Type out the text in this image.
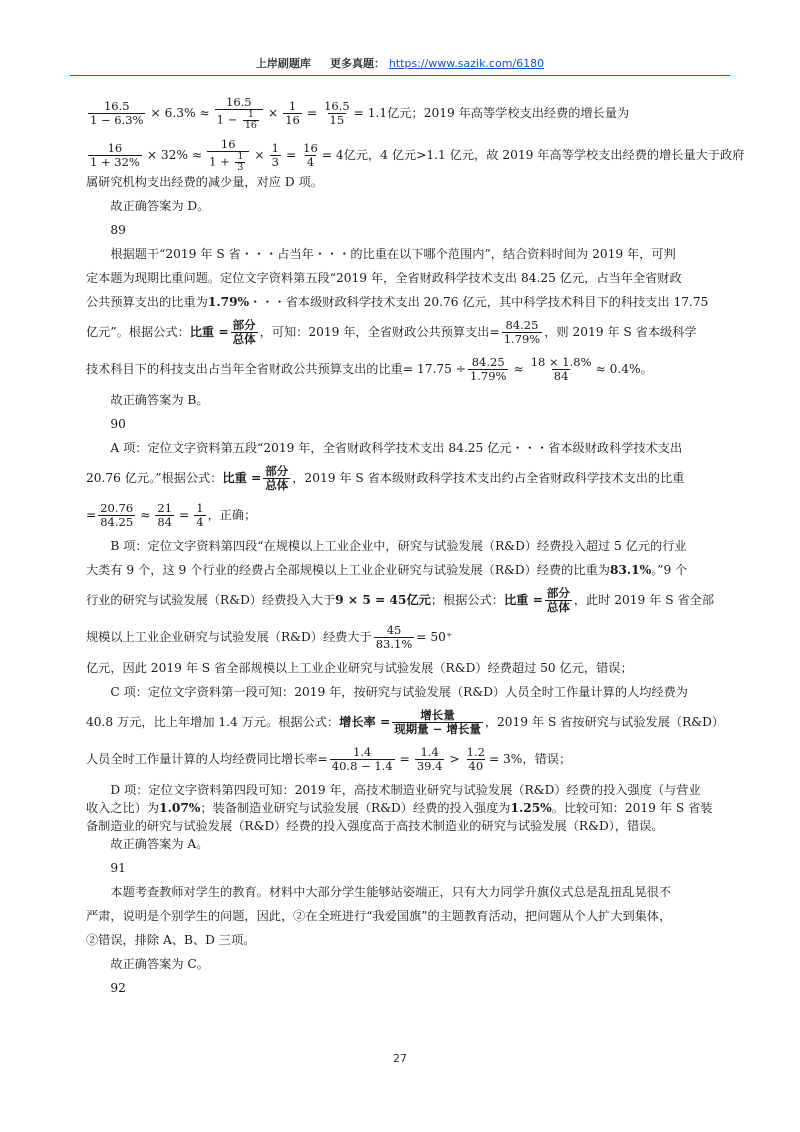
上岸刷题库 更多真题： https://www.sazik.com/6180
$\frac{16.5}{1 - 6.3\%} \times 6.3\% \approx \frac{16.5}{1 - \frac{1}{16}} \times \frac{1}{16} = \frac{16.5}{15} = 1.1$亿元；2019 年高等学校支出经费的增长量为
$\frac{16}{1 + 32\%} \times 32\% \approx \frac{16}{1 + \frac{1}{3}} \times \frac{1}{3} = \frac{16}{4} = 4$亿元，4 亿元>1.1 亿元，故 2019 年高等学校支出经费的增长量大于政府

属研究机构支出经费的减少量，对应 D 项。

故正确答案为 D。

89

根据题干“2019 年 S 省・・・占当年・・・的比重在以下哪个范围内”，结合资料时间为 2019 年，可判

定本题为现期比重问题。定位文字资料第五段“2019 年，全省财政科学技术支出 84.25 亿元，占当年全省财政

公共预算支出的比重为1.79%・・・省本级财政科学技术支出 20.76 亿元，其中科学技术科目下的科技支出 17.75

亿元”。根据公式： 比重 = $\frac{\text{部分}}{\text{总体}}$ ，可知：2019 年，全省财政公共预算支出= $\frac{84.25}{1.79\%}$ ，则 2019 年 S 省本级科学
技术科目下的科技支出占当年全省财政公共预算支出的比重= $17.75 \div \frac{84.25}{1.79\%} \approx \frac{18 \times 1.8\%}{84} \approx 0.4\%$。

故正确答案为 B。

90

A 项：定位文字资料第五段“2019 年，全省财政科学技术支出 84.25 亿元・・・省本级财政科学技术支出

20.76 亿元。”根据公式： 比重 = $\frac{\text{部分}}{\text{总体}}$ ，2019 年 S 省本级财政科学技术支出约占全省财政科学技术支出的比重
= $\frac{20.76}{84.25} \approx \frac{21}{84} = \frac{1}{4}$ ，正确；

B 项：定位文字资料第四段“在规模以上工业企业中，研究与试验发展（R&D）经费投入超过 5 亿元的行业

大类有 9 个，这 9 个行业的经费占全部规模以上工业企业研究与试验发展（R&D）经费的比重为83.1%。”9 个

行业的研究与试验发展（R&D）经费投入大于 9 × 5 = 45亿元 ；根据公式： 比重 = $\frac{\text{部分}}{\text{总体}}$ ，此时 2019 年 S 省全部
规模以上工业企业研究与试验发展（R&D）经费大于 $\frac{45}{83.1\%} = 50^+$

亿元，因此 2019 年 S 省全部规模以上工业企业研究与试验发展（R&D）经费超过 50 亿元，错误；

C 项：定位文字资料第一段可知：2019 年，按研究与试验发展（R&D）人员全时工作量计算的人均经费为

40.8 万元，比上年增加 1.4 万元。根据公式： 增长率 = $\frac{\text{增长量}}{\text{现期量 − 增长量}}$ ，2019 年 S 省按研究与试验发展（R&D）
人员全时工作量计算的人均经费同比增长率= $\frac{1.4}{40.8 - 1.4} = \frac{1.4}{39.4} > \frac{1.2}{40} = 3\%$，错误；

D 项：定位文字资料第四段可知：2019 年，高技术制造业研究与试验发展（R&D）经费的投入强度（与营业

收入之比）为1.07%；装备制造业研究与试验发展（R&D）经费的投入强度为1.25%。比较可知：2019 年 S 省装

备制造业的研究与试验发展（R&D）经费的投入强度高于高技术制造业的研究与试验发展（R&D），错误。

故正确答案为 A。

91

本题考查教师对学生的教育。材料中大部分学生能够站姿端正，只有大力同学升旗仪式总是乱扭乱晃很不

严肃，说明是个别学生的问题，因此，②在全班进行“我爱国旗”的主题教育活动，把问题从个人扩大到集体，

②错误，排除 A、B、D 三项。

故正确答案为 C。

92

27
